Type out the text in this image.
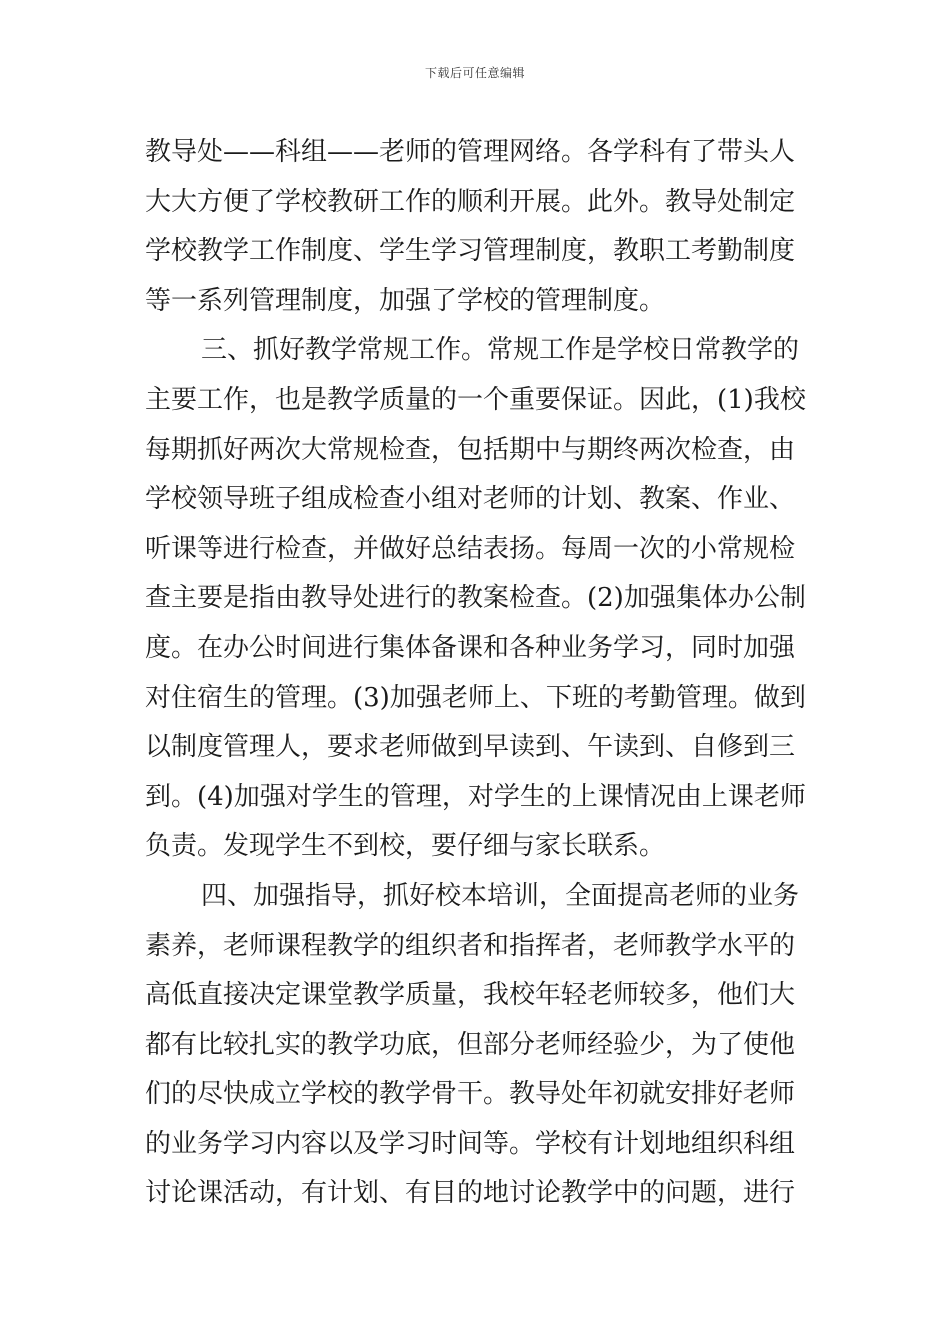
下载后可任意编辑
教导处——科组——老师的管理网络。各学科有了带头人
大大方便了学校教研工作的顺利开展。此外。教导处制定
学校教学工作制度、学生学习管理制度，教职工考勤制度
等一系列管理制度，加强了学校的管理制度。
三、抓好教学常规工作。常规工作是学校日常教学的
主要工作，也是教学质量的一个重要保证。因此，(1)我校
每期抓好两次大常规检查，包括期中与期终两次检查，由
学校领导班子组成检查小组对老师的计划、教案、作业、
听课等进行检查，并做好总结表扬。每周一次的小常规检
查主要是指由教导处进行的教案检查。(2)加强集体办公制
度。在办公时间进行集体备课和各种业务学习，同时加强
对住宿生的管理。(3)加强老师上、下班的考勤管理。做到
以制度管理人，要求老师做到早读到、午读到、自修到三
到。(4)加强对学生的管理，对学生的上课情况由上课老师
负责。发现学生不到校，要仔细与家长联系。
四、加强指导，抓好校本培训，全面提高老师的业务
素养，老师课程教学的组织者和指挥者，老师教学水平的
高低直接决定课堂教学质量，我校年轻老师较多，他们大
都有比较扎实的教学功底，但部分老师经验少，为了使他
们的尽快成立学校的教学骨干。教导处年初就安排好老师
的业务学习内容以及学习时间等。学校有计划地组织科组
讨论课活动，有计划、有目的地讨论教学中的问题，进行
